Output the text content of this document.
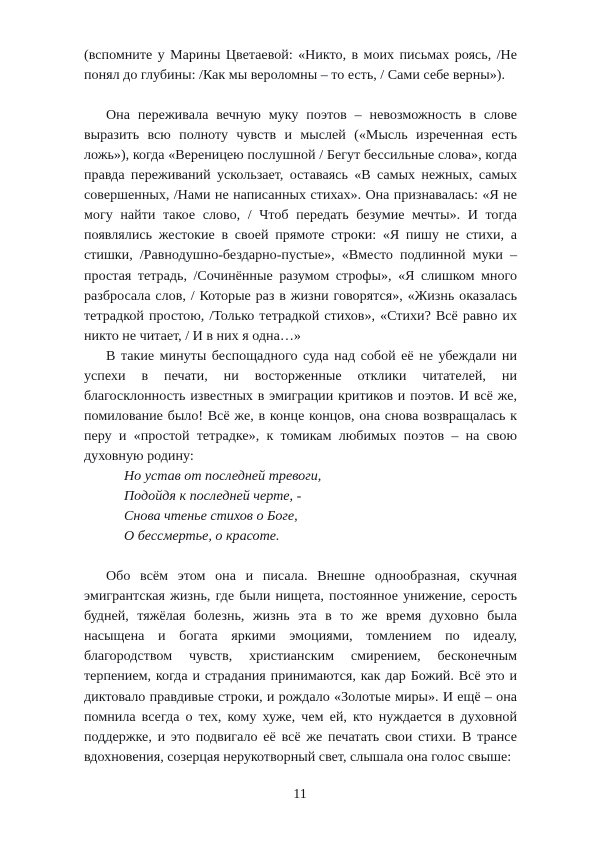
(вспомните у Марины Цветаевой: «Никто, в моих письмах роясь, /Не понял до глубины: /Как мы вероломны – то есть, / Сами себе верны»).

Она переживала вечную муку поэтов – невозможность в слове выразить всю полноту чувств и мыслей («Мысль изреченная есть ложь»), когда «Вереницею послушной / Бегут бессильные слова», когда правда переживаний ускользает, оставаясь «В самых нежных, самых совершенных, /Нами не написанных стихах». Она признавалась: «Я не могу найти такое слово, / Чтоб передать безумие мечты». И тогда появлялись жестокие в своей прямоте строки: «Я пишу не стихи, а стишки, /Равнодушно-бездарно-пустые», «Вместо подлинной муки – простая тетрадь, /Сочинённые разумом строфы», «Я слишком много разбросала слов, / Которые раз в жизни говорятся», «Жизнь оказалась тетрадкой простою, /Только тетрадкой стихов», «Стихи? Всё равно их никто не читает, / И в них я одна…»

В такие минуты беспощадного суда над собой её не убеждали ни успехи в печати, ни восторженные отклики читателей, ни благосклонность известных в эмиграции критиков и поэтов. И всё же, помилование было! Всё же, в конце концов, она снова возвращалась к перу и «простой тетрадке», к томикам любимых поэтов – на свою духовную родину:

Но устав от последней тревоги,

Подойдя к последней черте, -

Снова чтенье стихов о Боге,

О бессмертье, о красоте.

Обо всём этом она и писала. Внешне однообразная, скучная эмигрантская жизнь, где были нищета, постоянное унижение, серость будней, тяжёлая болезнь, жизнь эта в то же время духовно была насыщена и богата яркими эмоциями, томлением по идеалу, благородством чувств, христианским смирением, бесконечным терпением, когда и страдания принимаются, как дар Божий. Всё это и диктовало правдивые строки, и рождало «Золотые миры». И ещё – она помнила всегда о тех, кому хуже, чем ей, кто нуждается в духовной поддержке, и это подвигало её всё же печатать свои стихи. В трансе вдохновения, созерцая нерукотворный свет, слышала она голос свыше:

11
